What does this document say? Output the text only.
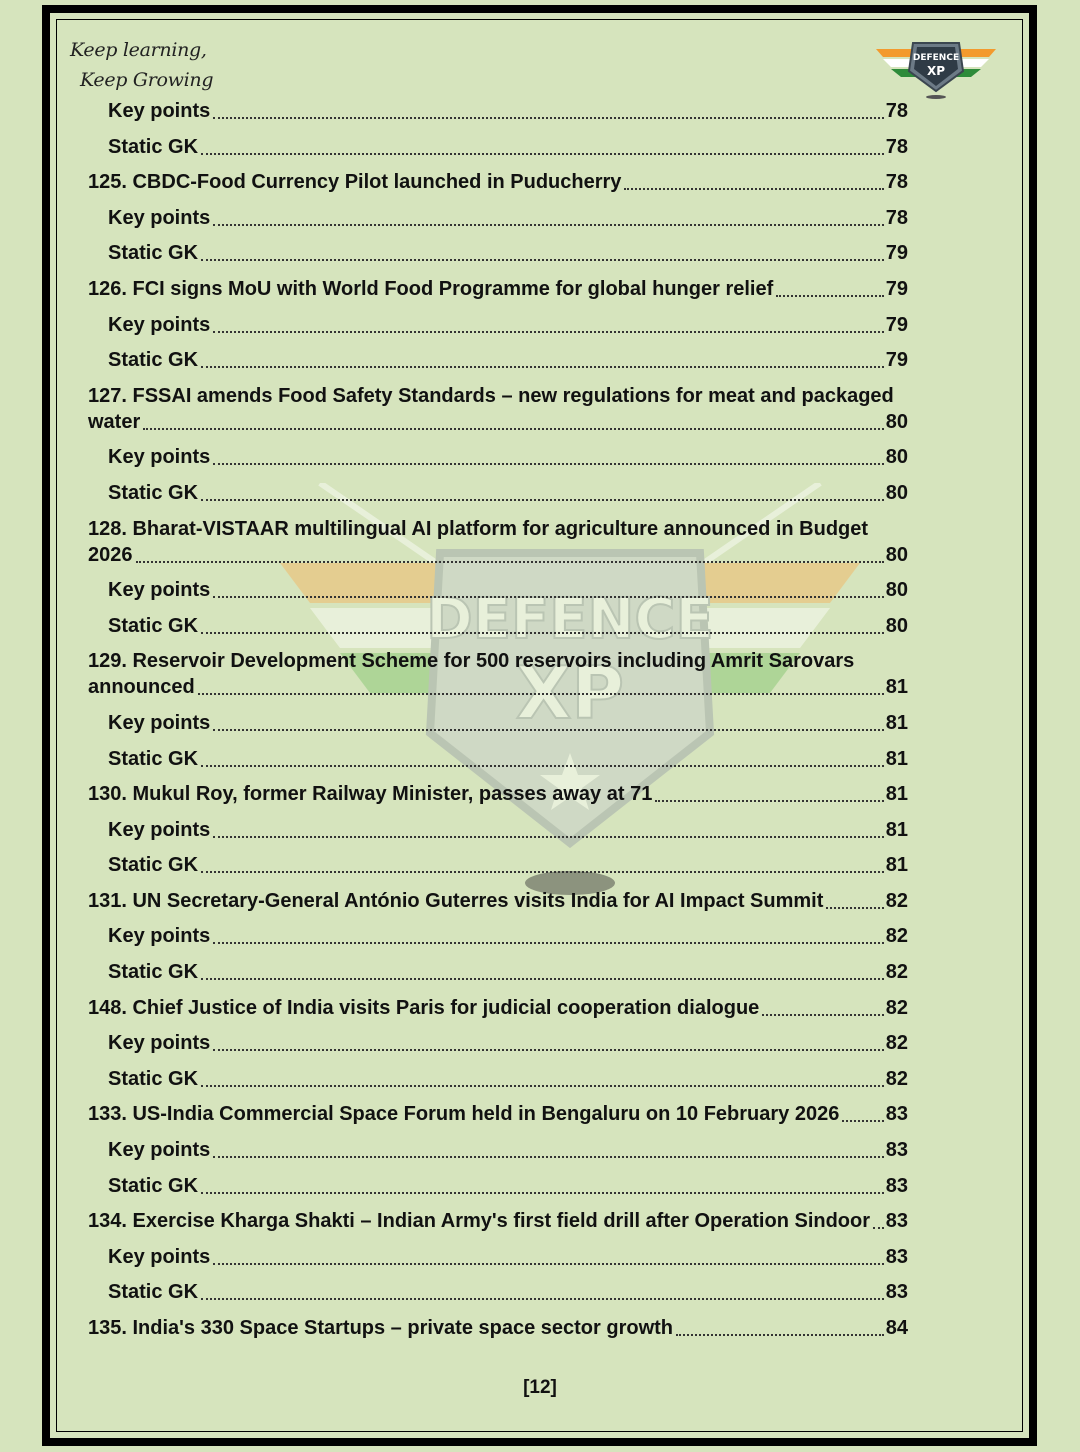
Keep learning,
Keep Growing
DEFENCE
XP
DEFENCE
XP
Key points	78
Static GK	78
125. CBDC-Food Currency Pilot launched in Puducherry	78
Key points	78
Static GK	79
126. FCI signs MoU with World Food Programme for global hunger relief	79
Key points	79
Static GK	79
127. FSSAI amends Food Safety Standards – new regulations for meat and packaged
water	80
Key points	80
Static GK	80
128. Bharat-VISTAAR multilingual AI platform for agriculture announced in Budget
2026	80
Key points	80
Static GK	80
129. Reservoir Development Scheme for 500 reservoirs including Amrit Sarovars
announced	81
Key points	81
Static GK	81
130. Mukul Roy, former Railway Minister, passes away at 71	81
Key points	81
Static GK	81
131. UN Secretary-General António Guterres visits India for AI Impact Summit	82
Key points	82
Static GK	82
148. Chief Justice of India visits Paris for judicial cooperation dialogue	82
Key points	82
Static GK	82
133. US-India Commercial Space Forum held in Bengaluru on 10 February 2026 83
Key points	83
Static GK	83
134. Exercise Kharga Shakti – Indian Army's first field drill after Operation Sindoor 83
Key points	83
Static GK	83
135. India's 330 Space Startups – private space sector growth	84
[12]
